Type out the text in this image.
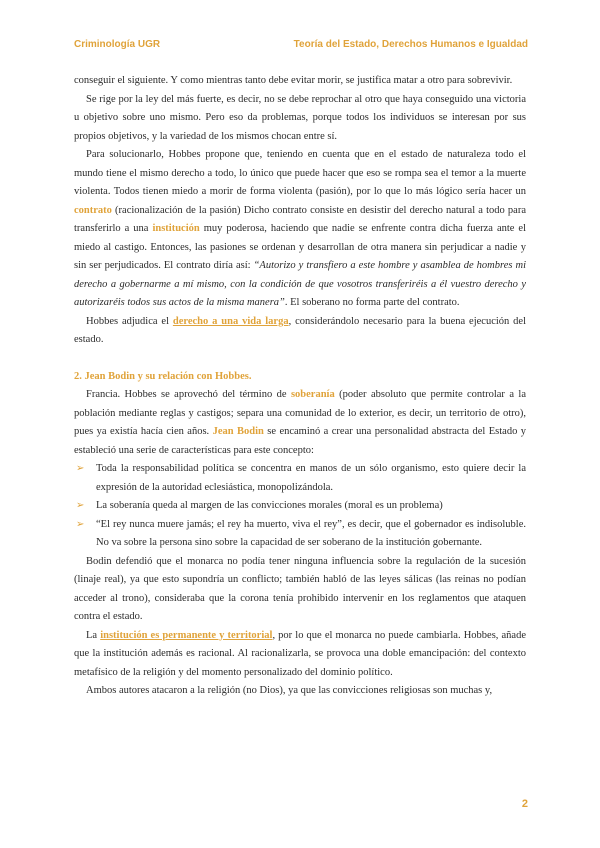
Criminología UGR	Teoría del Estado, Derechos Humanos e Igualdad

conseguir el siguiente. Y como mientras tanto debe evitar morir, se justifica matar a otro para sobrevivir.

Se rige por la ley del más fuerte, es decir, no se debe reprochar al otro que haya conseguido una victoria u objetivo sobre uno mismo. Pero eso da problemas, porque todos los individuos se interesan por sus propios objetivos, y la variedad de los mismos chocan entre sí.

Para solucionarlo, Hobbes propone que, teniendo en cuenta que en el estado de naturaleza todo el mundo tiene el mismo derecho a todo, lo único que puede hacer que eso se rompa sea el temor a la muerte violenta. Todos tienen miedo a morir de forma violenta (pasión), por lo que lo más lógico sería hacer un contrato (racionalización de la pasión) Dicho contrato consiste en desistir del derecho natural a todo para transferirlo a una institución muy poderosa, haciendo que nadie se enfrente contra dicha fuerza ante el miedo al castigo. Entonces, las pasiones se ordenan y desarrollan de otra manera sin perjudicar a nadie y sin ser perjudicados. El contrato diría así: “Autorizo y transfiero a este hombre y asamblea de hombres mi derecho a gobernarme a mí mismo, con la condición de que vosotros transferiréis a él vuestro derecho y autorizaréis todos sus actos de la misma manera”. El soberano no forma parte del contrato.

Hobbes adjudica el derecho a una vida larga, considerándolo necesario para la buena ejecución del estado.

2. Jean Bodin y su relación con Hobbes.

Francia. Hobbes se aprovechó del término de soberanía (poder absoluto que permite controlar a la población mediante reglas y castigos; separa una comunidad de lo exterior, es decir, un territorio de otro), pues ya existía hacía cien años. Jean Bodin se encaminó a crear una personalidad abstracta del Estado y estableció una serie de características para este concepto:

➢ Toda la responsabilidad política se concentra en manos de un sólo organismo, esto quiere decir la expresión de la autoridad eclesiástica, monopolizándola.
➢ La soberanía queda al margen de las convicciones morales (moral es un problema)
➢ “El rey nunca muere jamás; el rey ha muerto, viva el rey”, es decir, que el gobernador es indisoluble. No va sobre la persona sino sobre la capacidad de ser soberano de la institución gobernante.

Bodin defendió que el monarca no podía tener ninguna influencia sobre la regulación de la sucesión (linaje real), ya que esto supondría un conflicto; también habló de las leyes sálicas (las reinas no podían acceder al trono), consideraba que la corona tenía prohibido intervenir en los reglamentos que ataquen contra el estado.

La institución es permanente y territorial, por lo que el monarca no puede cambiarla. Hobbes, añade que la institución además es racional. Al racionalizarla, se provoca una doble emancipación: del contexto metafísico de la religión y del momento personalizado del dominio político.

Ambos autores atacaron a la religión (no Dios), ya que las convicciones religiosas son muchas y,

2
